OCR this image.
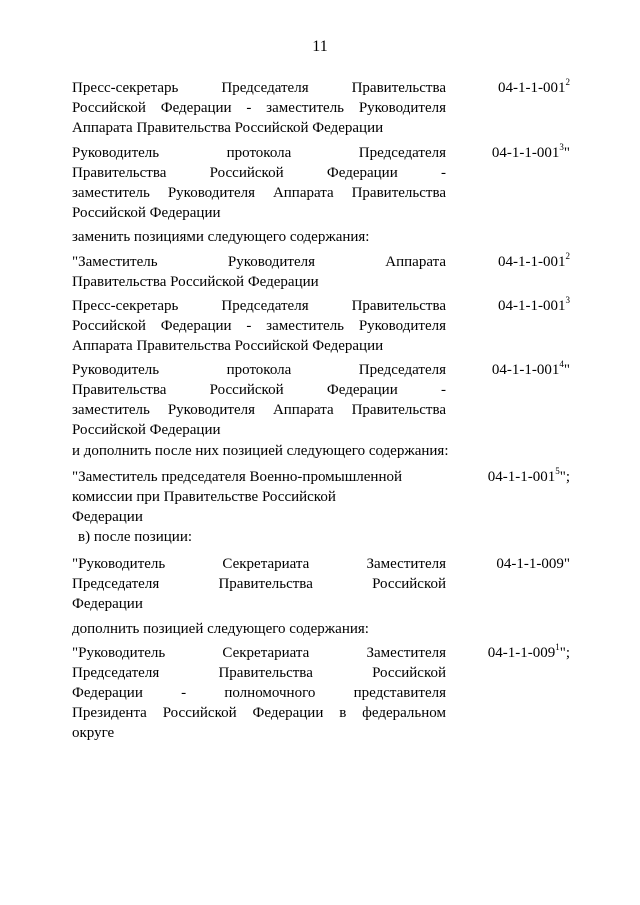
11

Пресс-секретарь Председателя Правительства

Российской Федерации - заместитель Руководителя

Аппарата Правительства Российской Федерации

$04-1-1-001^2$

Руководитель протокола Председателя

Правительства Российской Федерации -

заместитель Руководителя Аппарата Правительства

Российской Федерации

$04-1-1-001^3$"
заменить позициями следующего содержания:

"Заместитель Руководителя Аппарата

Правительства Российской Федерации

$04-1-1-001^2$

Пресс-секретарь Председателя Правительства

Российской Федерации - заместитель Руководителя

Аппарата Правительства Российской Федерации

$04-1-1-001^3$

Руководитель протокола Председателя

Правительства Российской Федерации -

заместитель Руководителя Аппарата Правительства

Российской Федерации

$04-1-1-001^4$"
и дополнить после них позицией следующего содержания:

"Заместитель председателя Военно-промышленной

комиссии при Правительстве Российской

Федерации

$04-1-1-001^5$";
в) после позиции:

"Руководитель Секретариата Заместителя

Председателя Правительства Российской

Федерации

04-1-1-009"
дополнить позицией следующего содержания:

"Руководитель Секретариата Заместителя

Председателя Правительства Российской

Федерации - полномочного представителя

Президента Российской Федерации в федеральном

округе

$04-1-1-009^1$";
